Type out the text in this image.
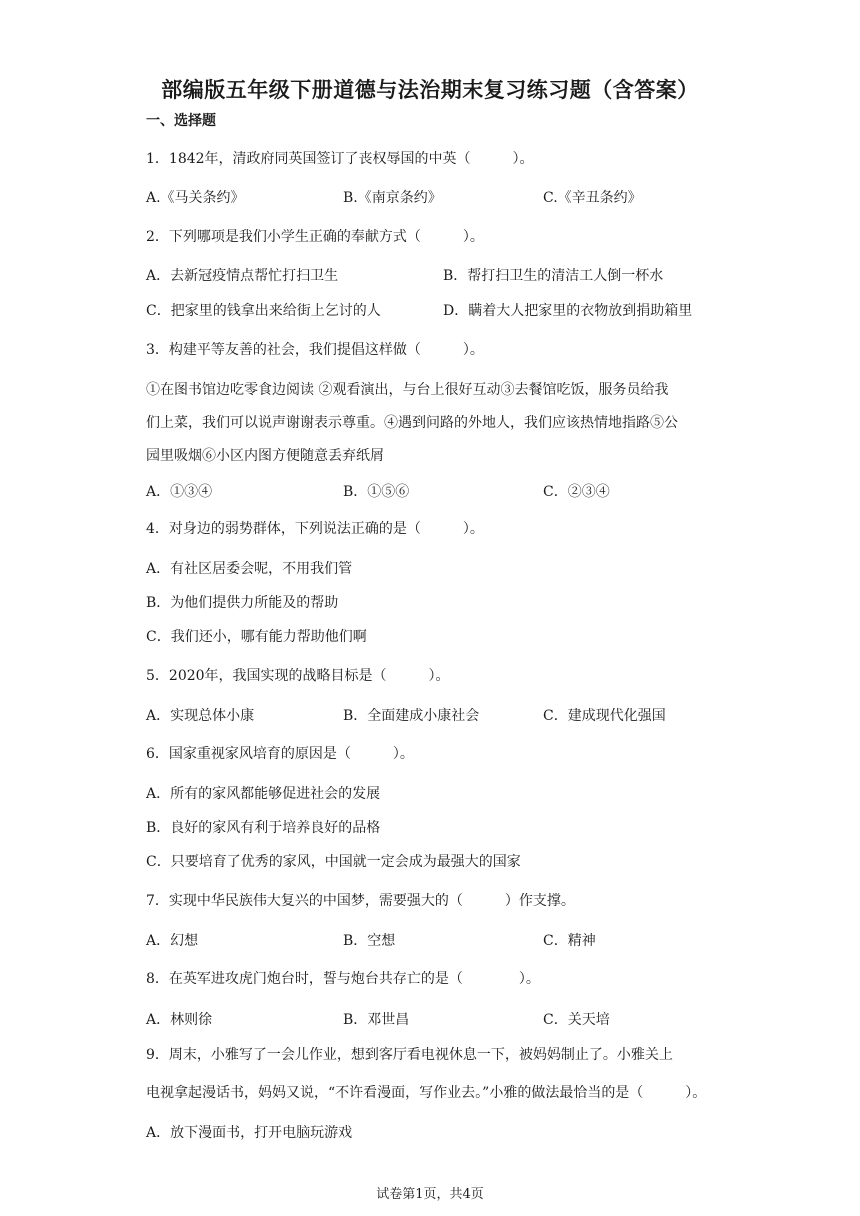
部编版五年级下册道德与法治期末复习练习题（含答案）
一、选择题
1．1842年，清政府同英国签订了丧权辱国的中英（　　　）。
A.《马关条约》	B.《南京条约》	C.《辛丑条约》
2．下列哪项是我们小学生正确的奉献方式（　　　）。
A．去新冠疫情点帮忙打扫卫生	B．帮打扫卫生的清洁工人倒一杯水
C．把家里的钱拿出来给街上乞讨的人	D．瞒着大人把家里的衣物放到捐助箱里
3．构建平等友善的社会，我们提倡这样做（　　　）。
①在图书馆边吃零食边阅读 ②观看演出，与台上很好互动③去餐馆吃饭，服务员给我
们上菜，我们可以说声谢谢表示尊重。④遇到问路的外地人，我们应该热情地指路⑤公
园里吸烟⑥小区内图方便随意丢弃纸屑
A．①③④	B．①⑤⑥	C．②③④
4．对身边的弱势群体，下列说法正确的是（　　　）。
A．有社区居委会呢，不用我们管
B．为他们提供力所能及的帮助
C．我们还小，哪有能力帮助他们啊
5．2020年，我国实现的战略目标是（　　　）。
A．实现总体小康	B．全面建成小康社会	C．建成现代化强国
6．国家重视家风培育的原因是（　　　）。
A．所有的家风都能够促进社会的发展
B．良好的家风有利于培养良好的品格
C．只要培育了优秀的家风，中国就一定会成为最强大的国家
7．实现中华民族伟大复兴的中国梦，需要强大的（　　　）作支撑。
A．幻想	B．空想	C．精神
8．在英军进攻虎门炮台时，誓与炮台共存亡的是（　　　　）。
A．林则徐	B．邓世昌	C．关天培
9．周末，小雅写了一会儿作业，想到客厅看电视休息一下，被妈妈制止了。小雅关上
电视拿起漫话书，妈妈又说，“不许看漫面，写作业去。”小雅的做法最恰当的是（　　　）。
A．放下漫面书，打开电脑玩游戏
试卷第1页，共4页
